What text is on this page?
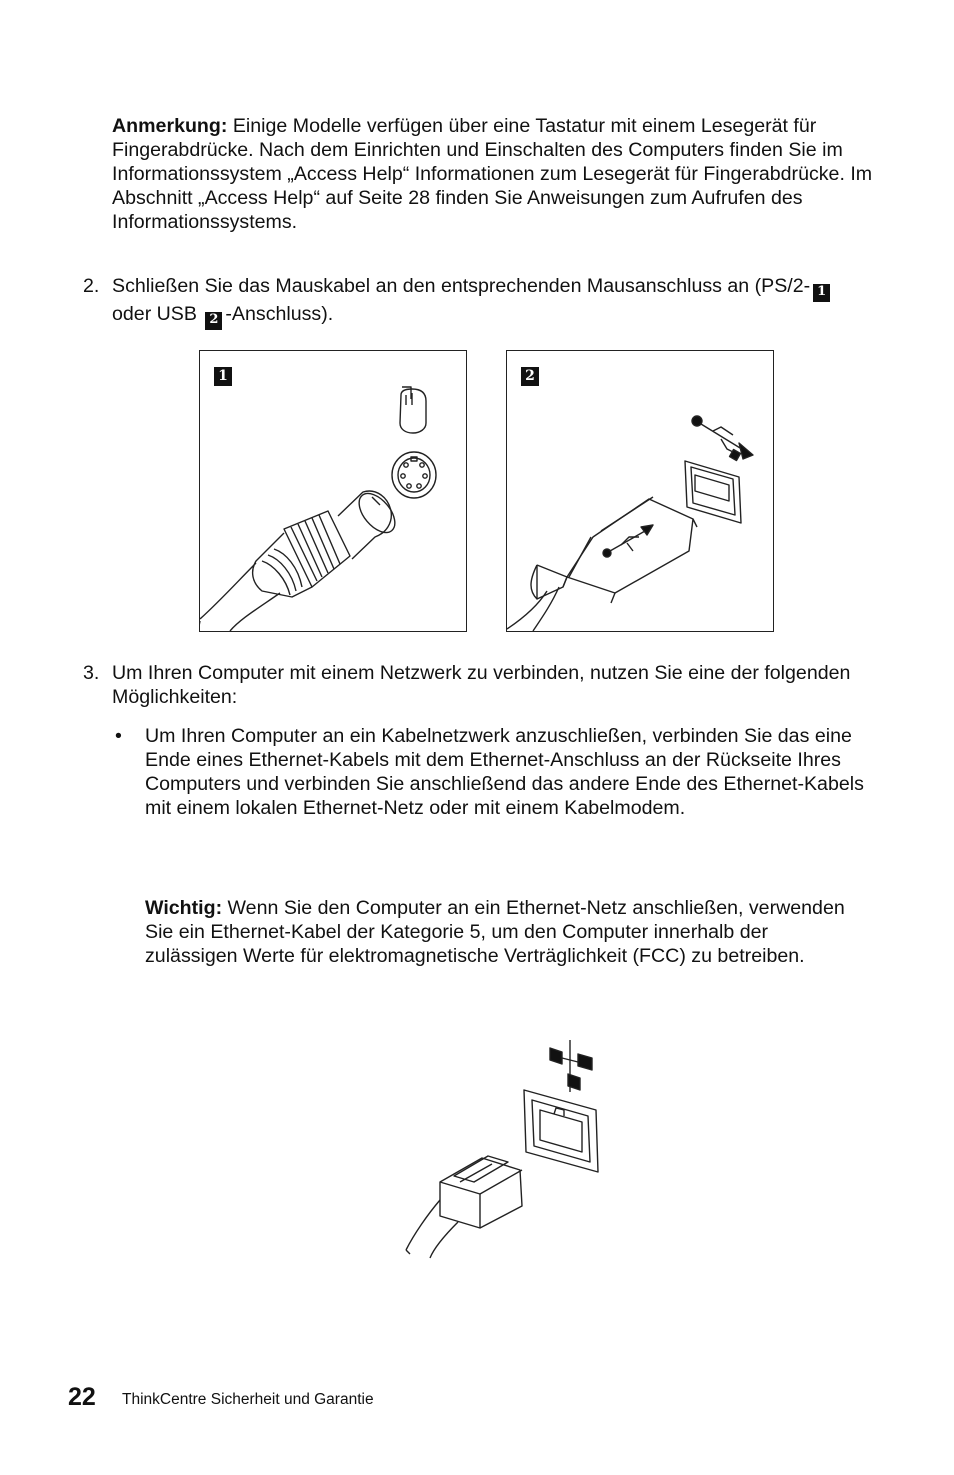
Anmerkung: Einige Modelle verfügen über eine Tastatur mit einem Lesegerät für Fingerabdrücke. Nach dem Einrichten und Einschalten des Computers finden Sie im Informationssystem „Access Help“ Informationen zum Lesegerät für Fingerabdrücke. Im Abschnitt „Access Help“ auf Seite 28 finden Sie Anweisungen zum Aufrufen des Informationssystems.
2. Schließen Sie das Mauskabel an den entsprechenden Mausanschluss an (PS/2- 1 oder USB 2 -Anschluss).
1	2
3. Um Ihren Computer mit einem Netzwerk zu verbinden, nutzen Sie eine der folgenden Möglichkeiten:
• Um Ihren Computer an ein Kabelnetzwerk anzuschließen, verbinden Sie das eine Ende eines Ethernet-Kabels mit dem Ethernet-Anschluss an der Rückseite Ihres Computers und verbinden Sie anschließend das andere Ende des Ethernet-Kabels mit einem lokalen Ethernet-Netz oder mit einem Kabelmodem.
Wichtig: Wenn Sie den Computer an ein Ethernet-Netz anschließen, verwenden Sie ein Ethernet-Kabel der Kategorie 5, um den Computer innerhalb der zulässigen Werte für elektromagnetische Verträglichkeit (FCC) zu betreiben.
22 ThinkCentre Sicherheit und Garantie
